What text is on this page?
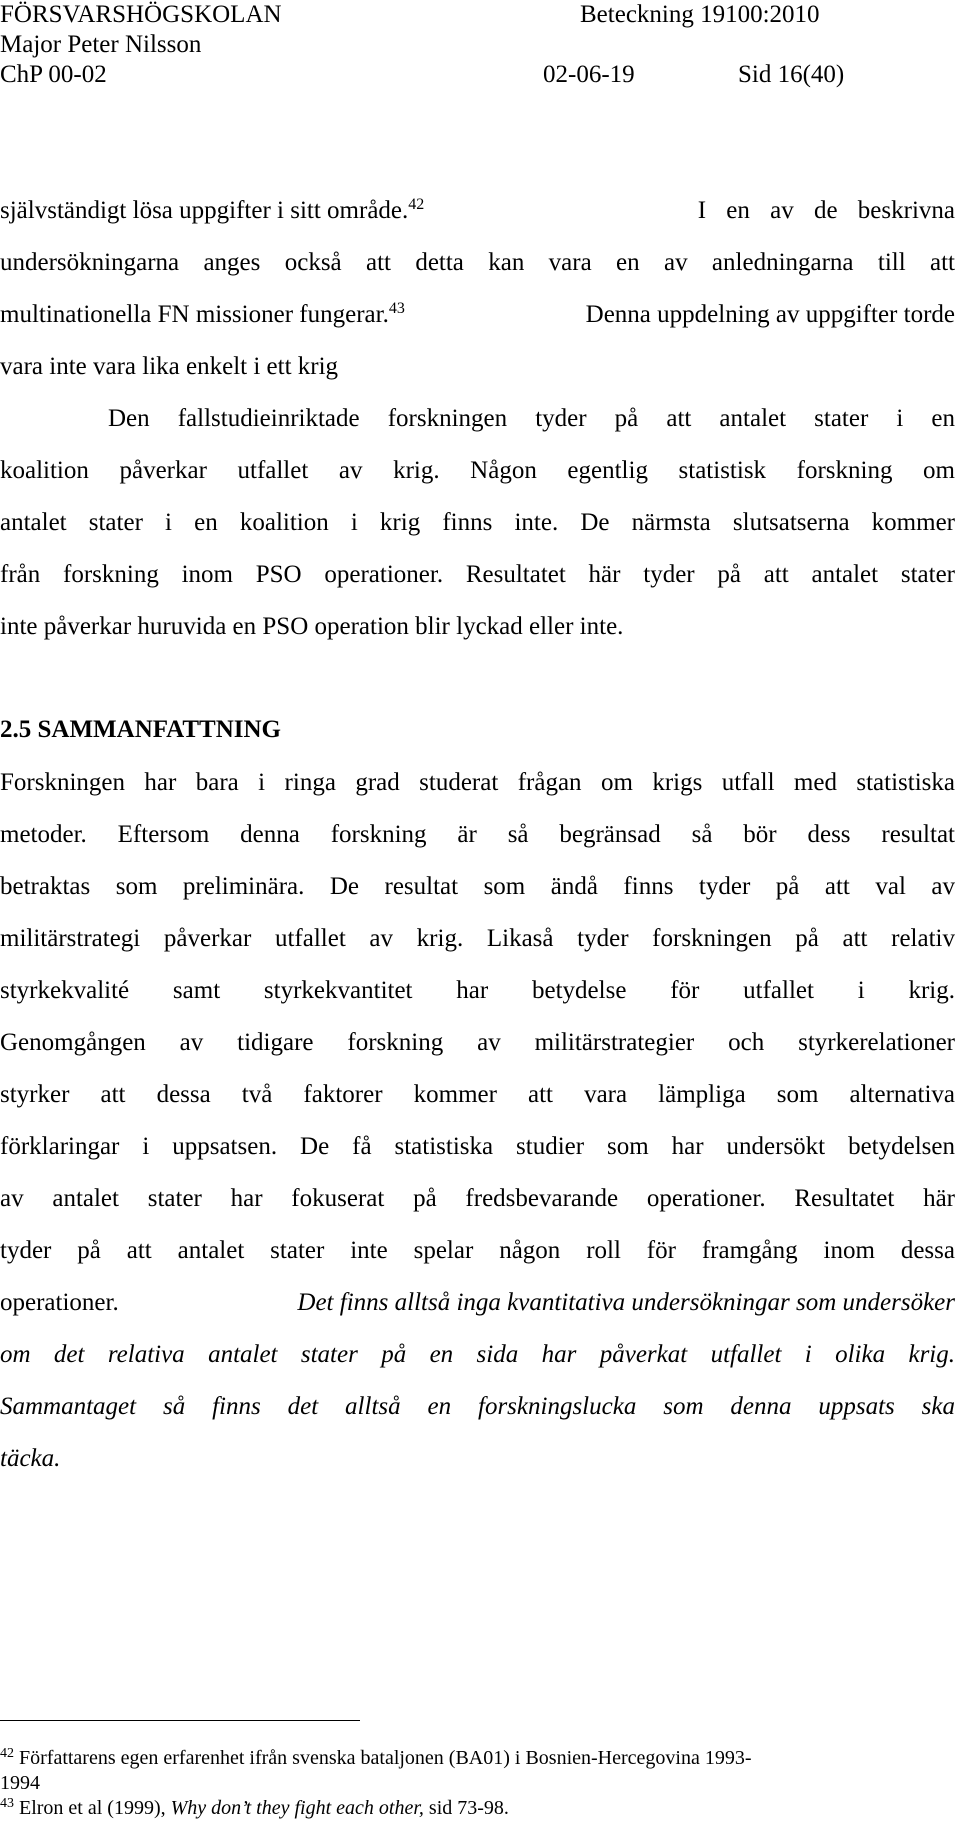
FÖRSVARSHÖGSKOLAN	Beteckning 19100:2010
Major Peter Nilsson
ChP 00-02	02-06-19	Sid 16(40)
självständigt lösa uppgifter i sitt område.$^{42}$	I en av de beskrivna
undersökningarna anges också att detta kan vara en av anledningarna till att
multinationella FN missioner fungerar.$^{43}$	Denna uppdelning av uppgifter torde
vara inte vara lika enkelt i ett krig
Den fallstudieinriktade forskningen tyder på att antalet stater i en
koalition påverkar utfallet av krig. Någon egentlig statistisk forskning om
antalet stater i en koalition i krig finns inte. De närmsta slutsatserna kommer
från forskning inom PSO operationer. Resultatet här tyder på att antalet stater
inte påverkar huruvida en PSO operation blir lyckad eller inte.
2.5 SAMMANFATTNING
Forskningen har bara i ringa grad studerat frågan om krigs utfall med statistiska
metoder. Eftersom denna forskning är så begränsad så bör dess resultat
betraktas som preliminära. De resultat som ändå finns tyder på att val av
militärstrategi påverkar utfallet av krig. Likaså tyder forskningen på att relativ
styrkekvalité samt styrkekvantitet har betydelse för utfallet i krig.
Genomgången av tidigare forskning av militärstrategier och styrkerelationer
styrker att dessa två faktorer kommer att vara lämpliga som alternativa
förklaringar i uppsatsen. De få statistiska studier som har undersökt betydelsen
av antalet stater har fokuserat på fredsbevarande operationer. Resultatet här
tyder på att antalet stater inte spelar någon roll för framgång inom dessa
operationer.	Det finns alltså inga kvantitativa undersökningar som undersöker
om det relativa antalet stater på en sida har påverkat utfallet i olika krig.
Sammantaget så finns det alltså en forskningslucka som denna uppsats ska
täcka.
$^{42}$ Författarens egen erfarenhet ifrån svenska bataljonen (BA01) i Bosnien-Hercegovina 1993-
1994
$^{43}$ Elron et al (1999), Why don’t they fight each other, sid 73-98.
